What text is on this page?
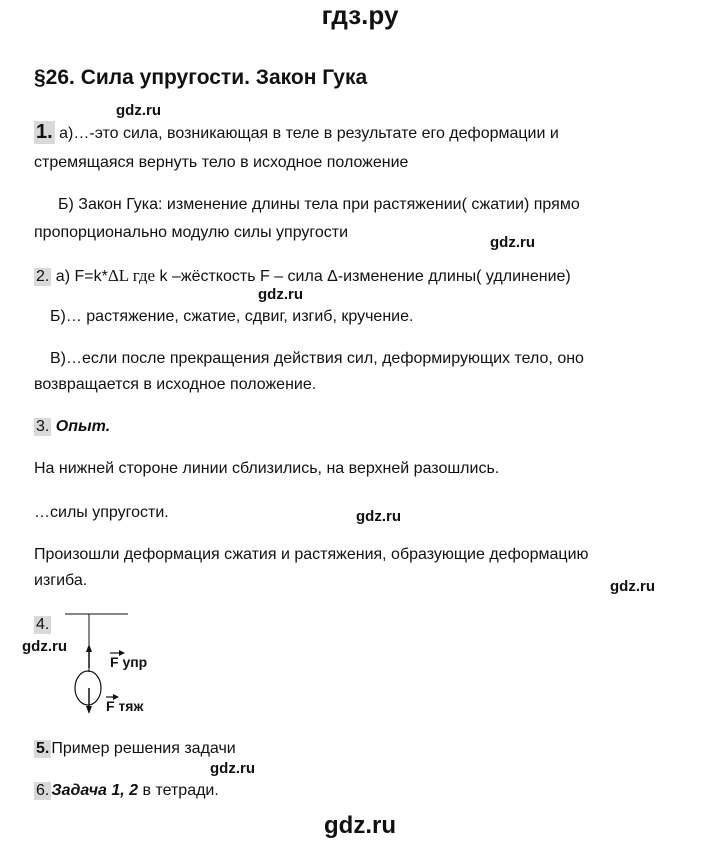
гдз.ру
§26. Сила упругости. Закон Гука
gdz.ru
1. а)…-это сила, возникающая в теле в результате его деформации и
стремящаяся вернуть тело в исходное положение
Б) Закон Гука: изменение длины тела при растяжении( сжатии) прямо
пропорционально модулю силы упругости
gdz.ru
2. а) F=k*ΔL где k –жёсткость F – сила Δ-изменение длины( удлинение)
gdz.ru
Б)… растяжение, сжатие, сдвиг, изгиб, кручение.
В)…если после прекращения действия сил, деформирующих тело, оно
возвращается в исходное положение.
3. Опыт.
На нижней стороне линии сблизились, на верхней разошлись.
…силы упругости.	gdz.ru
Произошли деформация сжатия и растяжения, образующие деформацию
изгиба.	gdz.ru
4.
gdz.ru
F упр
F тяж
5. Пример решения задачи
gdz.ru
6. Задача 1, 2 в тетради.
gdz.ru
